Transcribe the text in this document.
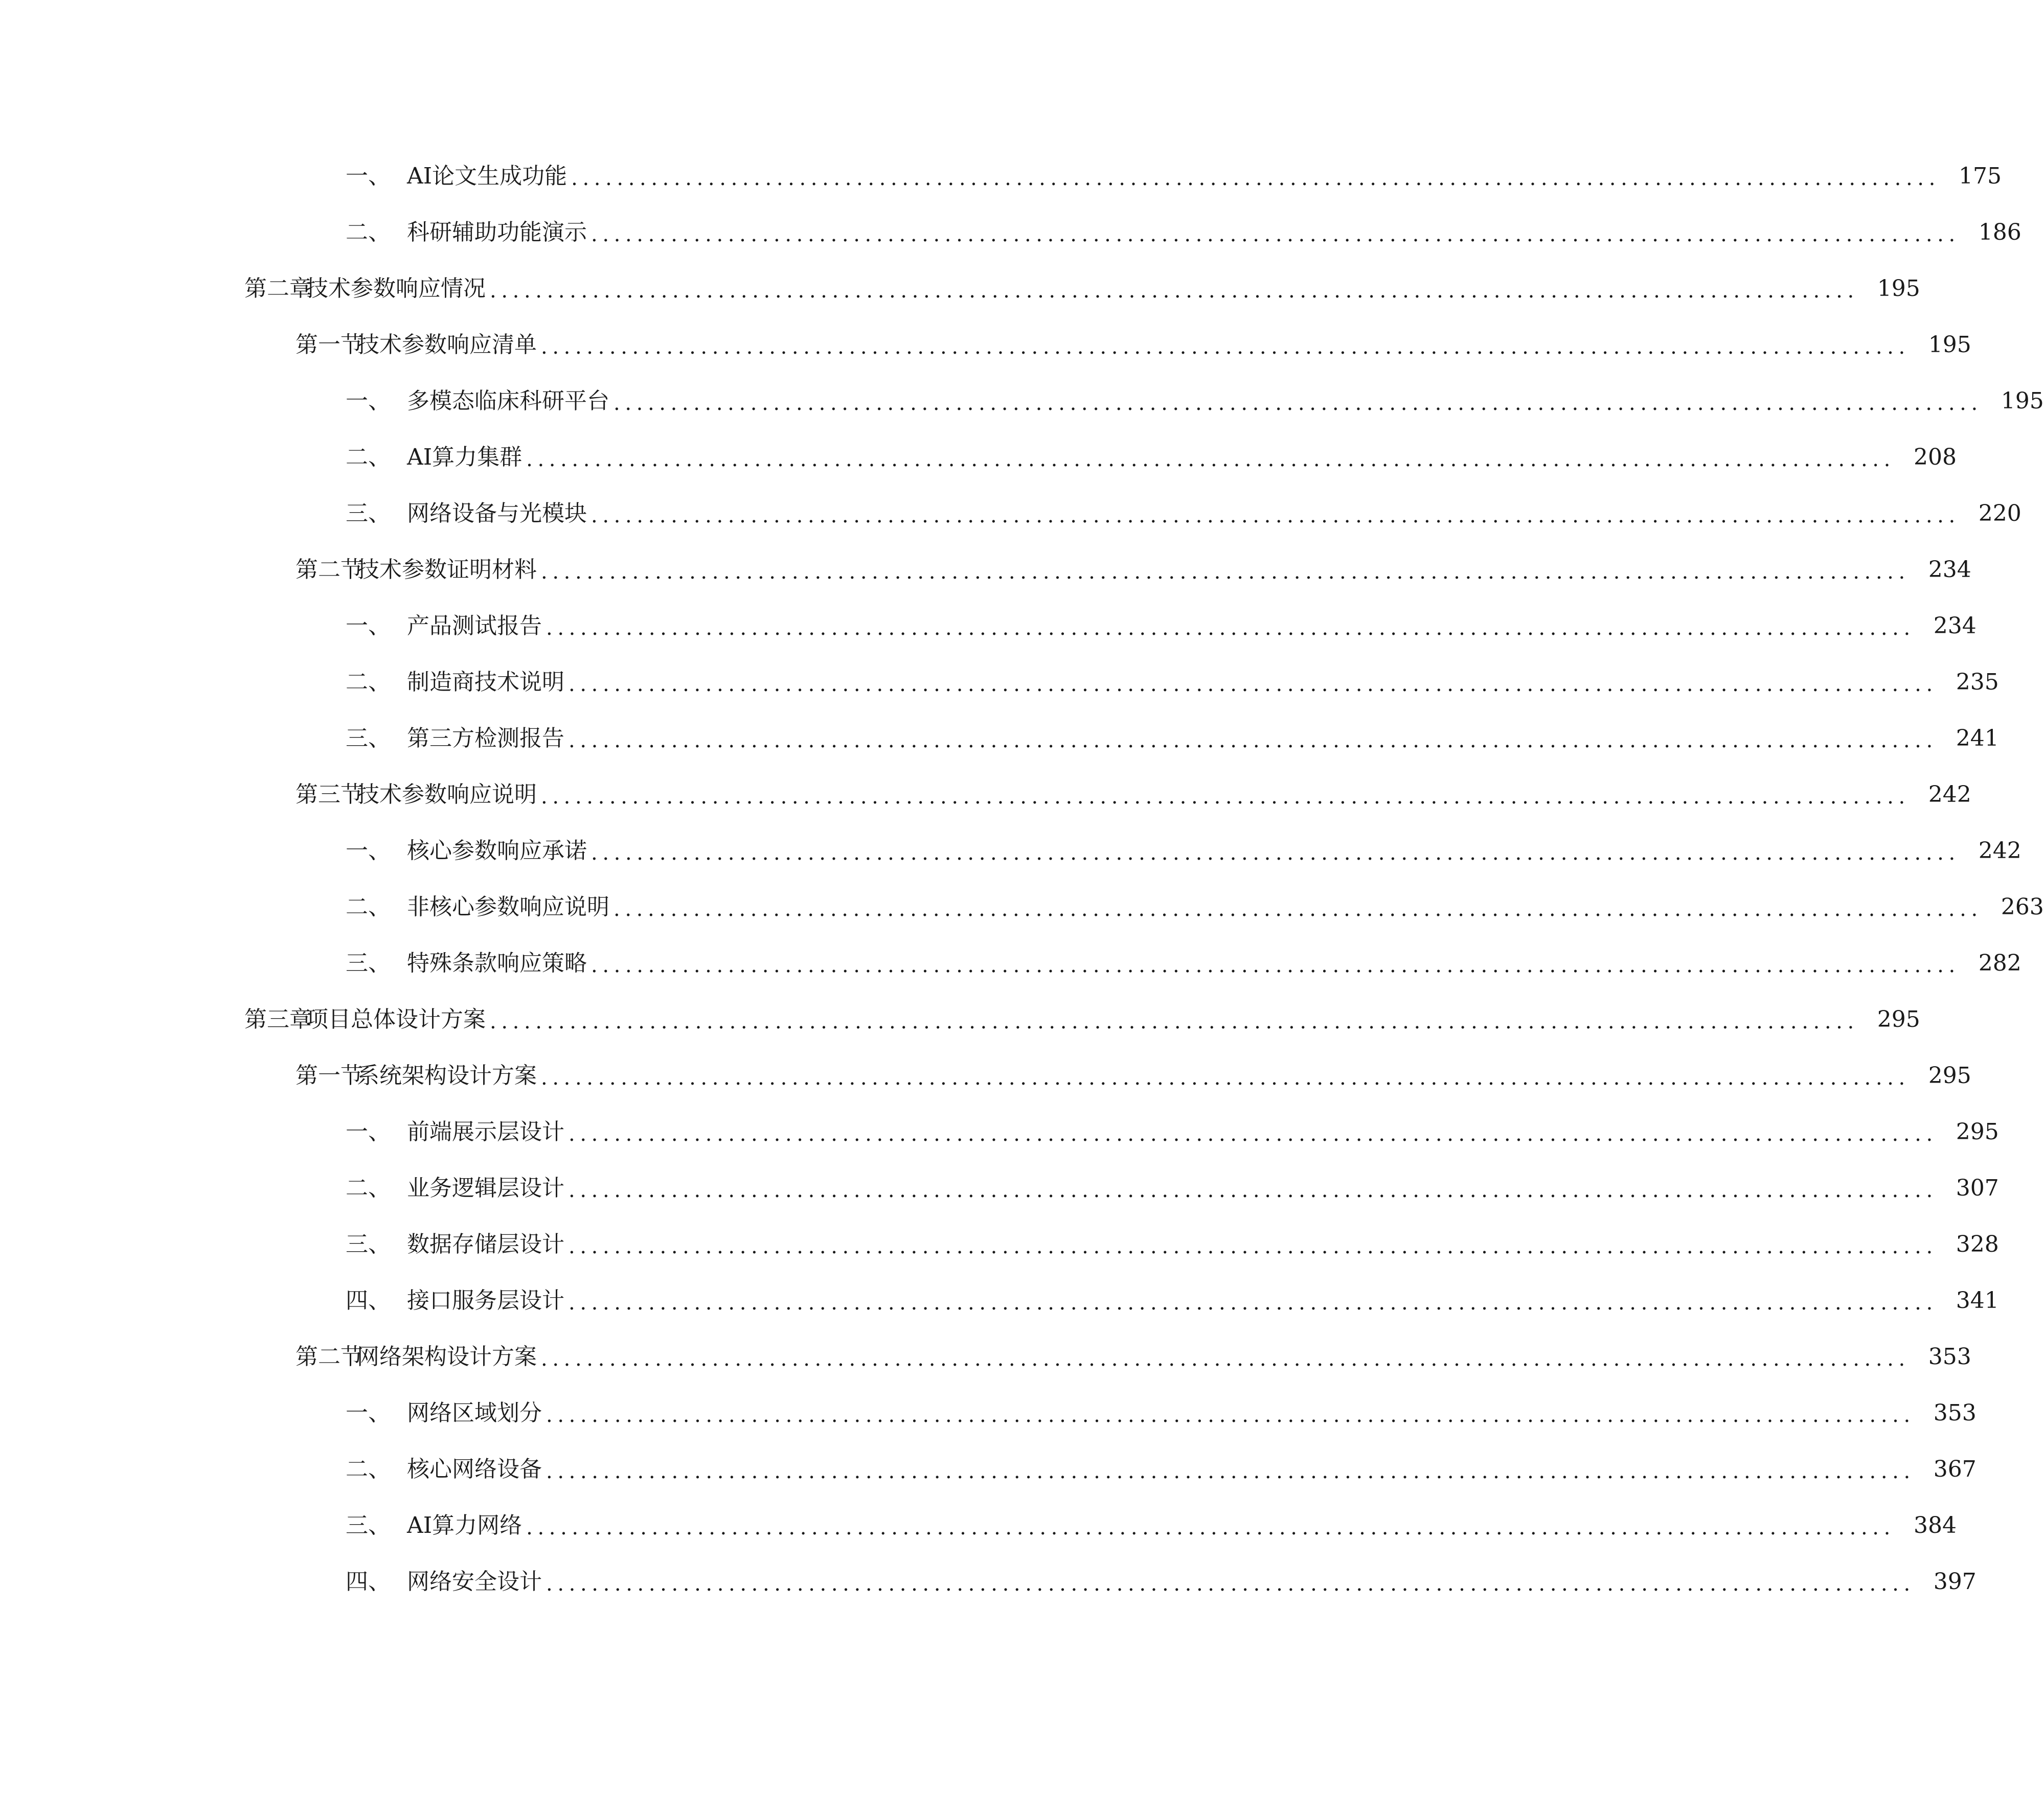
一、 AI论文生成功能 ........................................................................................................................ 175
二、 科研辅助功能演示 ........................................................................................................................ 186
第二章
技术参数响应情况 ........................................................................................................................ 195
第一节
技术参数响应清单 ........................................................................................................................ 195
一、 多模态临床科研平台 ........................................................................................................................ 195
二、 AI算力集群 ........................................................................................................................ 208
三、 网络设备与光模块 ........................................................................................................................ 220
第二节
技术参数证明材料 ........................................................................................................................ 234
一、 产品测试报告 ........................................................................................................................ 234
二、 制造商技术说明 ........................................................................................................................ 235
三、 第三方检测报告 ........................................................................................................................ 241
第三节
技术参数响应说明 ........................................................................................................................ 242
一、 核心参数响应承诺 ........................................................................................................................ 242
二、 非核心参数响应说明 ........................................................................................................................ 263
三、 特殊条款响应策略 ........................................................................................................................ 282
第三章
项目总体设计方案 ........................................................................................................................ 295
第一节
系统架构设计方案 ........................................................................................................................ 295
一、 前端展示层设计 ........................................................................................................................ 295
二、 业务逻辑层设计 ........................................................................................................................ 307
三、 数据存储层设计 ........................................................................................................................ 328
四、 接口服务层设计 ........................................................................................................................ 341
第二节
网络架构设计方案 ........................................................................................................................ 353
一、 网络区域划分 ........................................................................................................................ 353
二、 核心网络设备 ........................................................................................................................ 367
三、 AI算力网络 ........................................................................................................................ 384
四、 网络安全设计 ........................................................................................................................ 397
